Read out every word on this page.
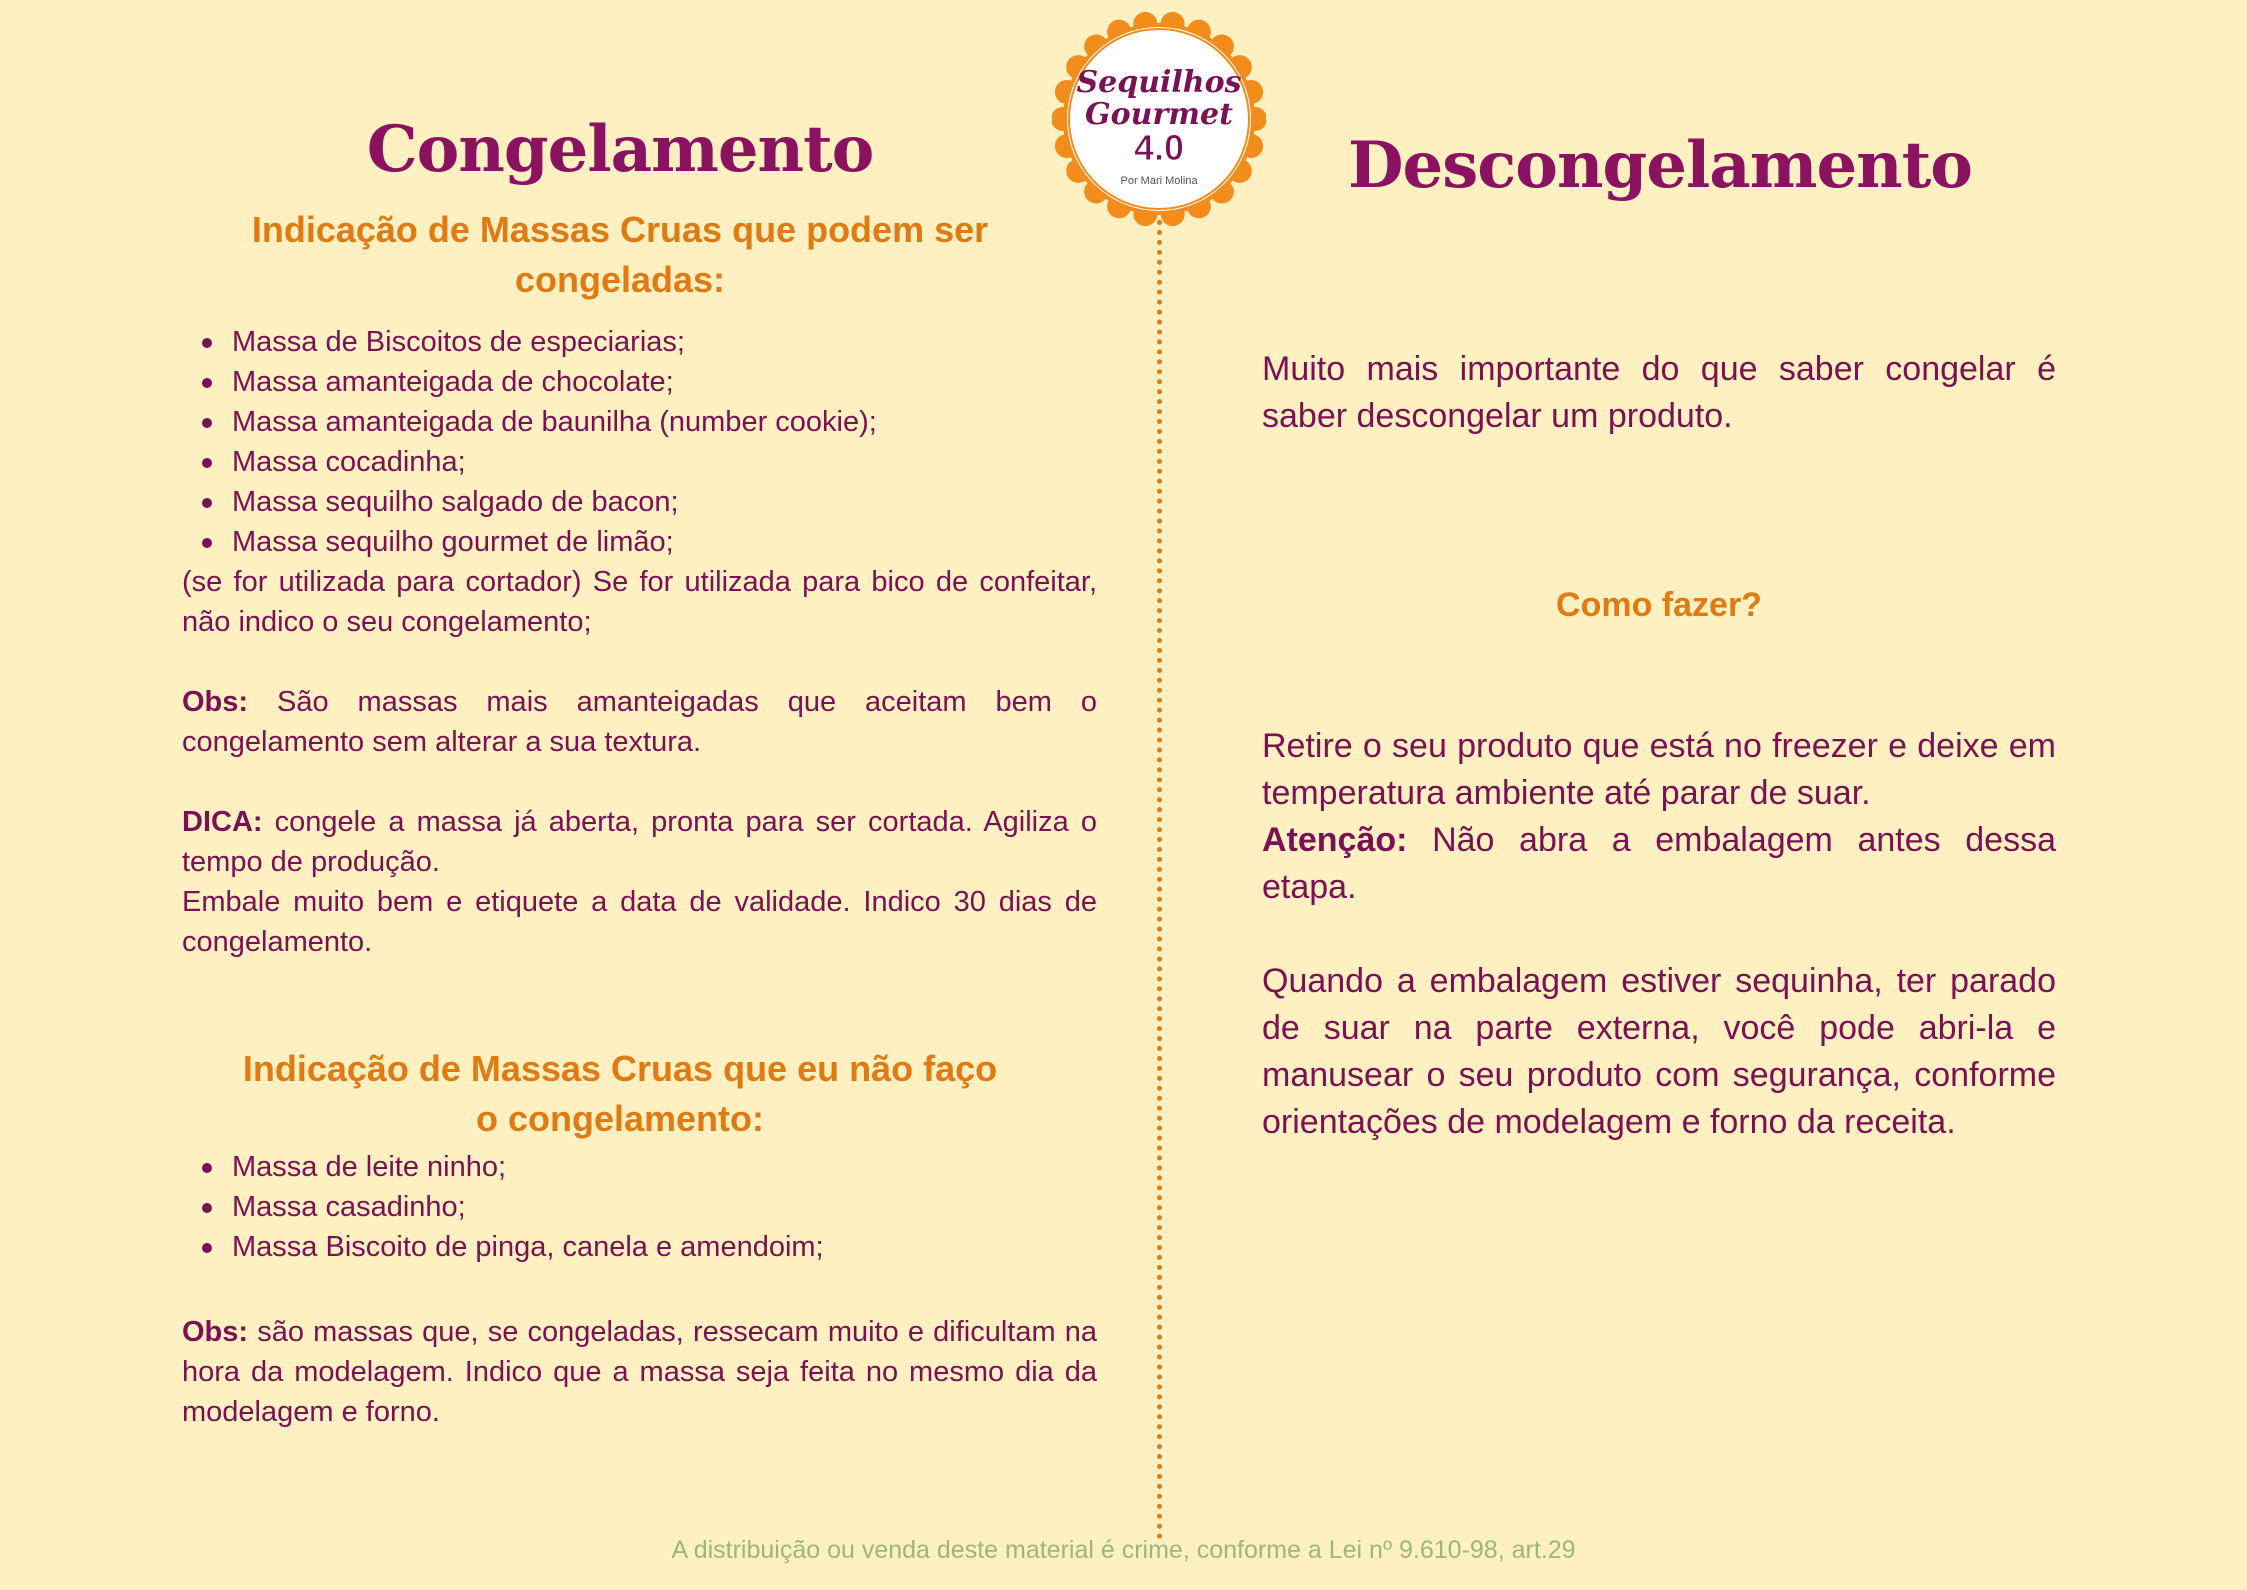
Sequilhos
Gourmet
4.0
Por Mari Molina
Congelamento
Indicação de Massas Cruas que podem ser
congeladas:
Massa de Biscoitos de especiarias;
Massa amanteigada de chocolate;
Massa amanteigada de baunilha (number cookie);
Massa cocadinha;
Massa sequilho salgado de bacon;
Massa sequilho gourmet de limão;

(se for utilizada para cortador) Se for utilizada para bico de confeitar, não indico o seu congelamento;

Obs: São massas mais amanteigadas que aceitam bem o congelamento sem alterar a sua textura.

DICA: congele a massa já aberta, pronta para ser cortada. Agiliza o tempo de produção.

Embale muito bem e etiquete a data de validade. Indico 30 dias de congelamento.

Indicação de Massas Cruas que eu não faço
o congelamento:
Massa de leite ninho;
Massa casadinho;
Massa Biscoito de pinga, canela e amendoim;

Obs: são massas que, se congeladas, ressecam muito e dificultam na hora da modelagem. Indico que a massa seja feita no mesmo dia da modelagem e forno.

Descongelamento

Muito mais importante do que saber congelar é saber descongelar um produto.

Como fazer?

Retire o seu produto que está no freezer e deixe em temperatura ambiente até parar de suar.

Atenção: Não abra a embalagem antes dessa etapa.

Quando a embalagem estiver sequinha, ter parado de suar na parte externa, você pode abri-la e manusear o seu produto com segurança, conforme orientações de modelagem e forno da receita.

A distribuição ou venda deste material é crime, conforme a Lei nº 9.610-98, art.29
